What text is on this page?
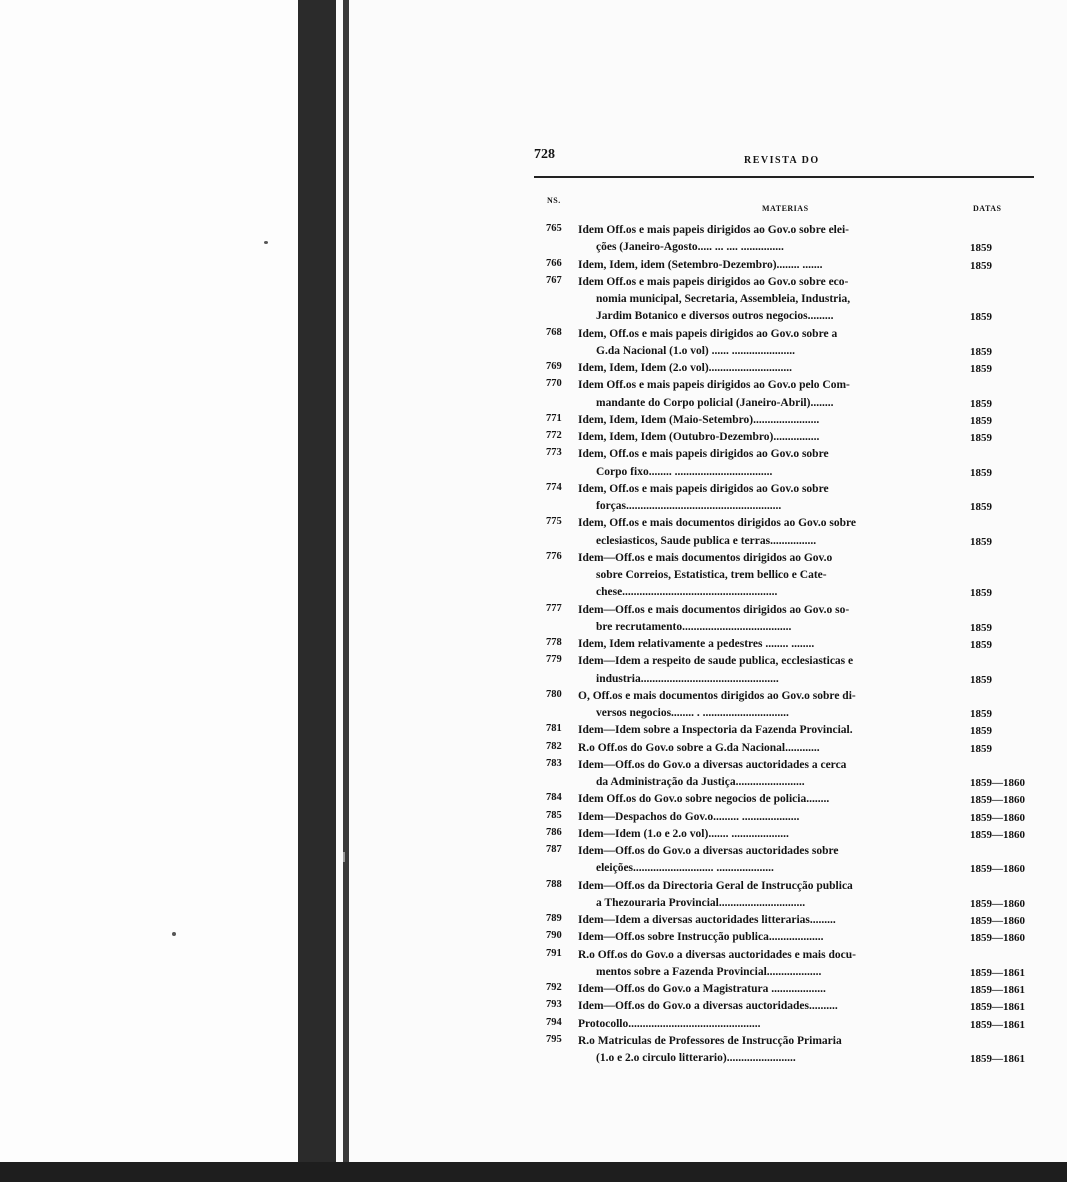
728	REVISTA DO
NS.
MATERIAS	DATAS
765	Idem Off.os e mais papeis dirigidos ao Gov.o sobre elei-
ções (Janeiro-Agosto..... ... .... ...............	1859
766	Idem, Idem, idem (Setembro-Dezembro)........ .......	1859
767	Idem Off.os e mais papeis dirigidos ao Gov.o sobre eco-
nomia municipal, Secretaria, Assembleia, Industria,
Jardim Botanico e diversos outros negocios.........	1859
768	Idem, Off.os e mais papeis dirigidos ao Gov.o sobre a
G.da Nacional (1.o vol) ...... ......................	1859
769	Idem, Idem, Idem (2.o vol).............................	1859
770	Idem Off.os e mais papeis dirigidos ao Gov.o pelo Com-
mandante do Corpo policial (Janeiro-Abril)........	1859
771	Idem, Idem, Idem (Maio-Setembro).......................	1859
772	Idem, Idem, Idem (Outubro-Dezembro)................	1859
773	Idem, Off.os e mais papeis dirigidos ao Gov.o sobre
Corpo fixo........ ..................................	1859
774	Idem, Off.os e mais papeis dirigidos ao Gov.o sobre
forças......................................................	1859
775	Idem, Off.os e mais documentos dirigidos ao Gov.o sobre
eclesiasticos, Saude publica e terras................	1859
776	Idem—Off.os e mais documentos dirigidos ao Gov.o
sobre Correios, Estatistica, trem bellico e Cate-
chese......................................................	1859
777	Idem—Off.os e mais documentos dirigidos ao Gov.o so-
bre recrutamento......................................	1859
778	Idem, Idem relativamente a pedestres ........ ........	1859
779	Idem—Idem a respeito de saude publica, ecclesiasticas e
industria................................................	1859
780	O, Off.os e mais documentos dirigidos ao Gov.o sobre di-
versos negocios........ . ..............................	1859
781	Idem—Idem sobre a Inspectoria da Fazenda Provincial.	1859
782	R.o Off.os do Gov.o sobre a G.da Nacional............	1859
783	Idem—Off.os do Gov.o a diversas auctoridades a cerca
da Administração da Justiça........................	1859—1860
784	Idem Off.os do Gov.o sobre negocios de policia........	1859—1860
785	Idem—Despachos do Gov.o......... ....................	1859—1860
786	Idem—Idem (1.o e 2.o vol)....... ....................	1859—1860
787	Idem—Off.os do Gov.o a diversas auctoridades sobre
eleições............................ ....................	1859—1860
788	Idem—Off.os da Directoria Geral de Instrucção publica
a Thezouraria Provincial..............................	1859—1860
789	Idem—Idem a diversas auctoridades litterarias.........	1859—1860
790	Idem—Off.os sobre Instrucção publica...................	1859—1860
791	R.o Off.os do Gov.o a diversas auctoridades e mais docu-
mentos sobre a Fazenda Provincial...................	1859—1861
792	Idem—Off.os do Gov.o a Magistratura ...................	1859—1861
793	Idem—Off.os do Gov.o a diversas auctoridades..........	1859—1861
794	Protocollo..............................................	1859—1861
795	R.o Matriculas de Professores de Instrucção Primaria
(1.o e 2.o circulo litterario)........................	1859—1861
